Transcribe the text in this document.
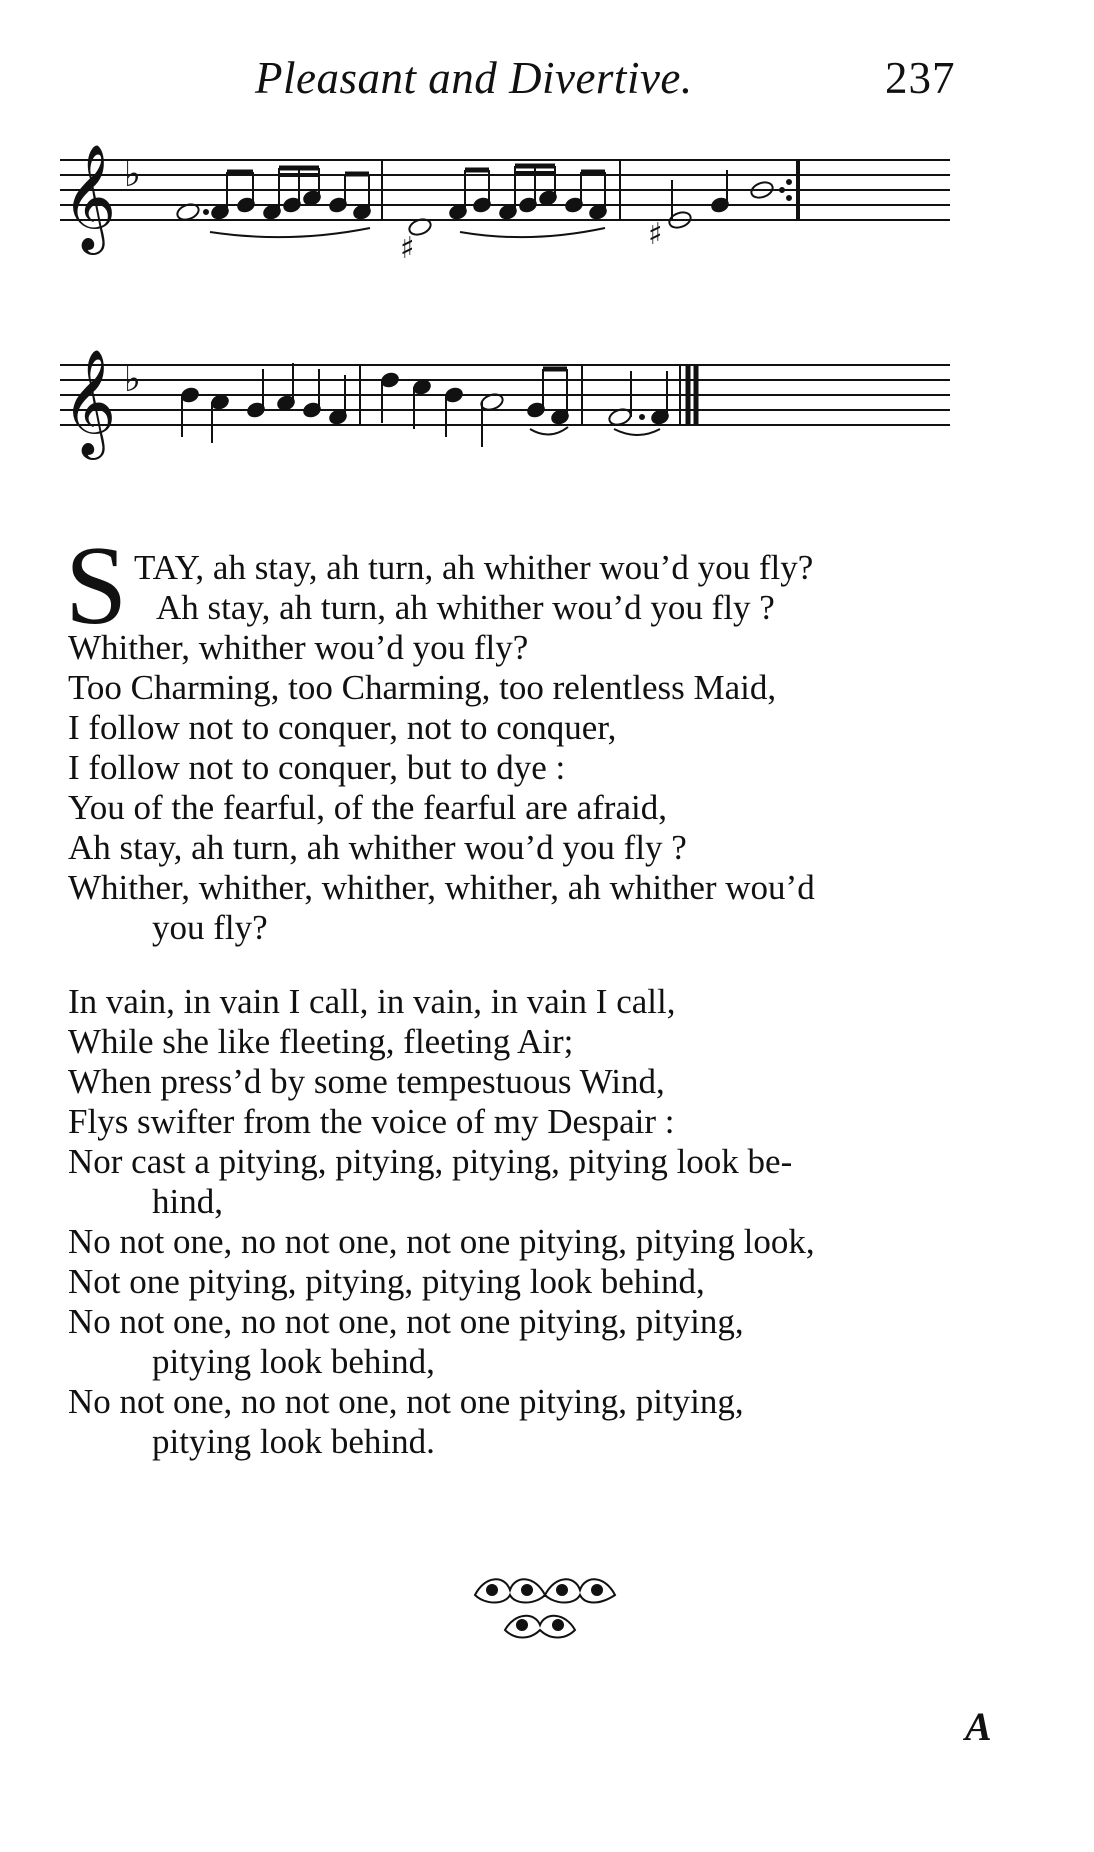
Pleasant and Divertive.	237
𝄞 ♭
♯	♯
𝄞 ♭
S TAY, ah stay, ah turn, ah whither wou’d you fly?
Ah stay, ah turn, ah whither wou’d you fly ?
Whither, whither wou’d you fly?
Too Charming, too Charming, too relentless Maid,
I follow not to conquer, not to conquer,
I follow not to conquer, but to dye :
You of the fearful, of the fearful are afraid,
Ah stay, ah turn, ah whither wou’d you fly ?
Whither, whither, whither, whither, ah whither wou’d
you fly?
In vain, in vain I call, in vain, in vain I call,
While she like fleeting, fleeting Air;
When press’d by some tempestuous Wind,
Flys swifter from the voice of my Despair :
Nor cast a pitying, pitying, pitying, pitying look be-
hind,
No not one, no not one, not one pitying, pitying look,
Not one pitying, pitying, pitying look behind,
No not one, no not one, not one pitying, pitying,
pitying look behind,
No not one, no not one, not one pitying, pitying,
pitying look behind.
A
